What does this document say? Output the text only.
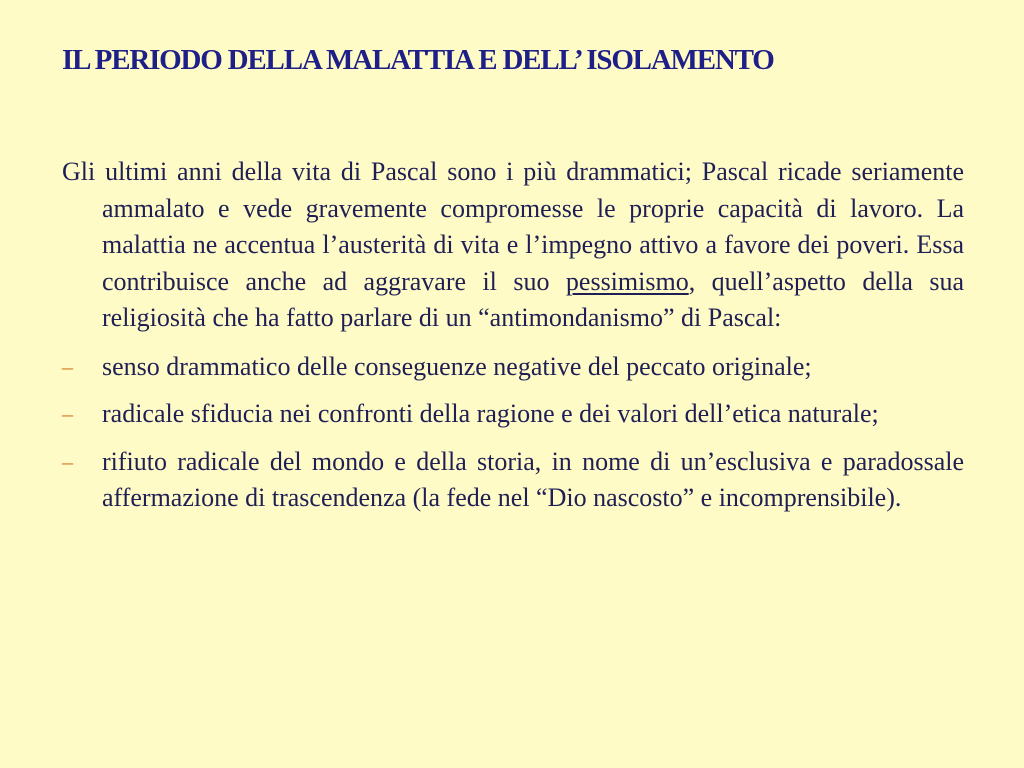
IL PERIODO DELLA MALATTIA E DELL’ ISOLAMENTO

Gli ultimi anni della vita di Pascal sono i più drammatici; Pascal ricade seriamente ammalato e vede gravemente compromesse le proprie capacità di lavoro. La malattia ne accentua l’austerità di vita e l’impegno attivo a favore dei poveri. Essa contribuisce anche ad aggravare il suo pessimismo, quell’aspetto della sua religiosità che ha fatto parlare di un “antimondanismo” di Pascal:

–	senso drammatico delle conseguenze negative del peccato originale;
–	radicale sfiducia nei confronti della ragione e dei valori dell’etica naturale;
–	rifiuto radicale del mondo e della storia, in nome di un’esclusiva e paradossale affermazione di trascendenza (la fede nel “Dio nascosto” e incomprensibile).
